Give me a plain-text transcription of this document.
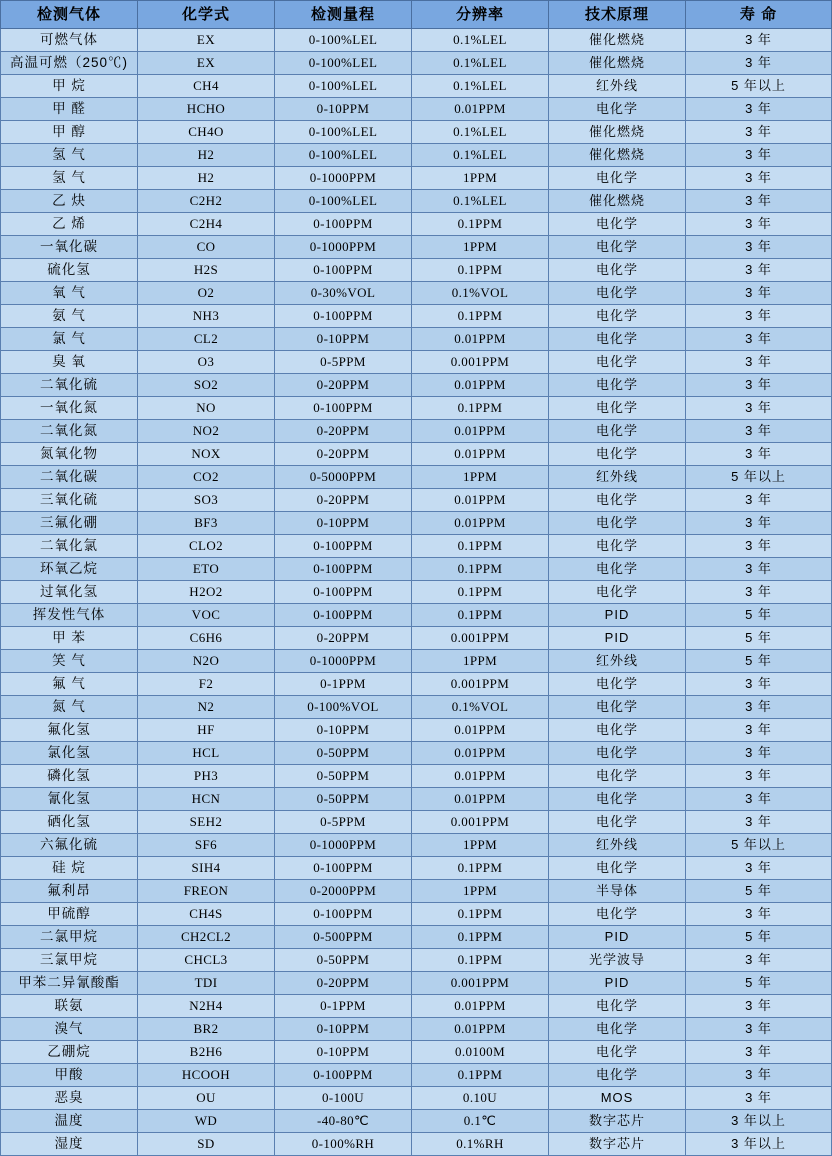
检测气体	化学式	检测量程	分辨率	技术原理	寿 命
可燃气体	EX	0-100%LEL	0.1%LEL	催化燃烧	3 年
高温可燃（250℃)	EX	0-100%LEL	0.1%LEL	催化燃烧	3 年
甲 烷	CH4	0-100%LEL	0.1%LEL	红外线	5 年以上
甲 醛	HCHO	0-10PPM	0.01PPM	电化学	3 年
甲 醇	CH4O	0-100%LEL	0.1%LEL	催化燃烧	3 年
氢 气	H2	0-100%LEL	0.1%LEL	催化燃烧	3 年
氢 气	H2	0-1000PPM	1PPM	电化学	3 年
乙 炔	C2H2	0-100%LEL	0.1%LEL	催化燃烧	3 年
乙 烯	C2H4	0-100PPM	0.1PPM	电化学	3 年
一氧化碳	CO	0-1000PPM	1PPM	电化学	3 年
硫化氢	H2S	0-100PPM	0.1PPM	电化学	3 年
氧 气	O2	0-30%VOL	0.1%VOL	电化学	3 年
氨 气	NH3	0-100PPM	0.1PPM	电化学	3 年
氯 气	CL2	0-10PPM	0.01PPM	电化学	3 年
臭 氧	O3	0-5PPM	0.001PPM	电化学	3 年
二氧化硫	SO2	0-20PPM	0.01PPM	电化学	3 年
一氧化氮	NO	0-100PPM	0.1PPM	电化学	3 年
二氧化氮	NO2	0-20PPM	0.01PPM	电化学	3 年
氮氧化物	NOX	0-20PPM	0.01PPM	电化学	3 年
二氧化碳	CO2	0-5000PPM	1PPM	红外线	5 年以上
三氧化硫	SO3	0-20PPM	0.01PPM	电化学	3 年
三氟化硼	BF3	0-10PPM	0.01PPM	电化学	3 年
二氧化氯	CLO2	0-100PPM	0.1PPM	电化学	3 年
环氧乙烷	ETO	0-100PPM	0.1PPM	电化学	3 年
过氧化氢	H2O2	0-100PPM	0.1PPM	电化学	3 年
挥发性气体	VOC	0-100PPM	0.1PPM	PID	5 年
甲 苯	C6H6	0-20PPM	0.001PPM	PID	5 年
笑 气	N2O	0-1000PPM	1PPM	红外线	5 年
氟 气	F2	0-1PPM	0.001PPM	电化学	3 年
氮 气	N2	0-100%VOL	0.1%VOL	电化学	3 年
氟化氢	HF	0-10PPM	0.01PPM	电化学	3 年
氯化氢	HCL	0-50PPM	0.01PPM	电化学	3 年
磷化氢	PH3	0-50PPM	0.01PPM	电化学	3 年
氰化氢	HCN	0-50PPM	0.01PPM	电化学	3 年
硒化氢	SEH2	0-5PPM	0.001PPM	电化学	3 年
六氟化硫	SF6	0-1000PPM	1PPM	红外线	5 年以上
硅 烷	SIH4	0-100PPM	0.1PPM	电化学	3 年
氟利昂	FREON	0-2000PPM	1PPM	半导体	5 年
甲硫醇	CH4S	0-100PPM	0.1PPM	电化学	3 年
二氯甲烷	CH2CL2	0-500PPM	0.1PPM	PID	5 年
三氯甲烷	CHCL3	0-50PPM	0.1PPM	光学波导	3 年
甲苯二异氰酸酯	TDI	0-20PPM	0.001PPM	PID	5 年
联氨	N2H4	0-1PPM	0.01PPM	电化学	3 年
溴气	BR2	0-10PPM	0.01PPM	电化学	3 年
乙硼烷	B2H6	0-10PPM	0.0100M	电化学	3 年
甲酸	HCOOH	0-100PPM	0.1PPM	电化学	3 年
恶臭	OU	0-100U	0.10U	MOS	3 年
温度	WD	-40-80℃	0.1℃	数字芯片	3 年以上
湿度	SD	0-100%RH	0.1%RH	数字芯片	3 年以上
